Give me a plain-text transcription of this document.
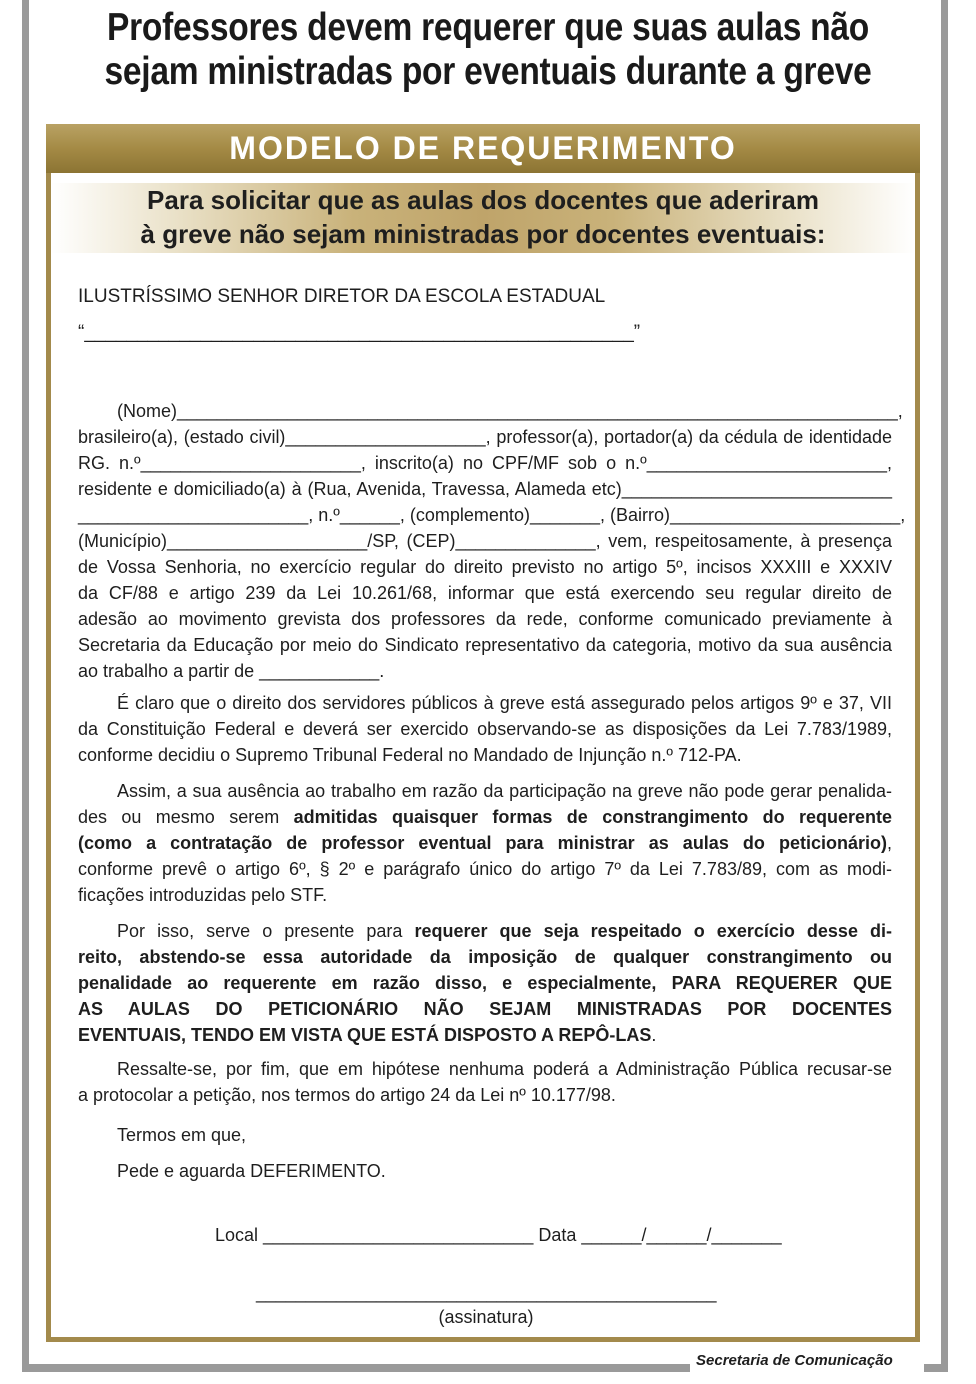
Professores devem requerer que suas aulas não
sejam ministradas por eventuais durante a greve
MODELO DE REQUERIMENTO
Para solicitar que as aulas dos docentes que aderiram
à greve não sejam ministradas por docentes eventuais:
ILUSTRÍSSIMO SENHOR DIRETOR DA ESCOLA ESTADUAL
“____________________________________________________”
(Nome)________________________________________________________________________,
brasileiro(a), (estado civil)____________________, professor(a), portador(a) da cédula de identidade
RG. n.º______________________, inscrito(a) no CPF/MF sob o n.º________________________,
residente e domiciliado(a) à (Rua, Avenida, Travessa, Alameda etc)___________________________
_______________________, n.º______, (complemento)_______, (Bairro)_______________________,
(Município)____________________/SP, (CEP)______________, vem, respeitosamente, à presença
de Vossa Senhoria, no exercício regular do direito previsto no artigo 5º, incisos XXXIII e XXXIV
da CF/88 e artigo 239 da Lei 10.261/68, informar que está exercendo seu regular direito de
adesão ao movimento grevista dos professores da rede, conforme comunicado previamente à
Secretaria da Educação por meio do Sindicato representativo da categoria, motivo da sua ausência
ao trabalho a partir de ____________.
É claro que o direito dos servidores públicos à greve está assegurado pelos artigos 9º e 37, VII
da Constituição Federal e deverá ser exercido observando-se as disposições da Lei 7.783/1989,
conforme decidiu o Supremo Tribunal Federal no Mandado de Injunção n.º 712-PA.
Assim, a sua ausência ao trabalho em razão da participação na greve não pode gerar penalida-
des ou mesmo serem admitidas quaisquer formas de constrangimento do requerente
(como a contratação de professor eventual para ministrar as aulas do peticionário),
conforme prevê o artigo 6º, § 2º e parágrafo único do artigo 7º da Lei 7.783/89, com as modi-
ficações introduzidas pelo STF.
Por isso, serve o presente para requerer que seja respeitado o exercício desse di-
reito, abstendo-se essa autoridade da imposição de qualquer constrangimento ou
penalidade ao requerente em razão disso, e especialmente, PARA REQUERER QUE
AS AULAS DO PETICIONÁRIO NÃO SEJAM MINISTRADAS POR DOCENTES
EVENTUAIS, TENDO EM VISTA QUE ESTÁ DISPOSTO A REPÔ-LAS.
Ressalte-se, por fim, que em hipótese nenhuma poderá a Administração Pública recusar-se
a protocolar a petição, nos termos do artigo 24 da Lei nº 10.177/98.
Termos em que,
Pede e aguarda DEFERIMENTO.
Local ___________________________ Data ______/______/_______
______________________________________________
(assinatura)
Secretaria de Comunicação
